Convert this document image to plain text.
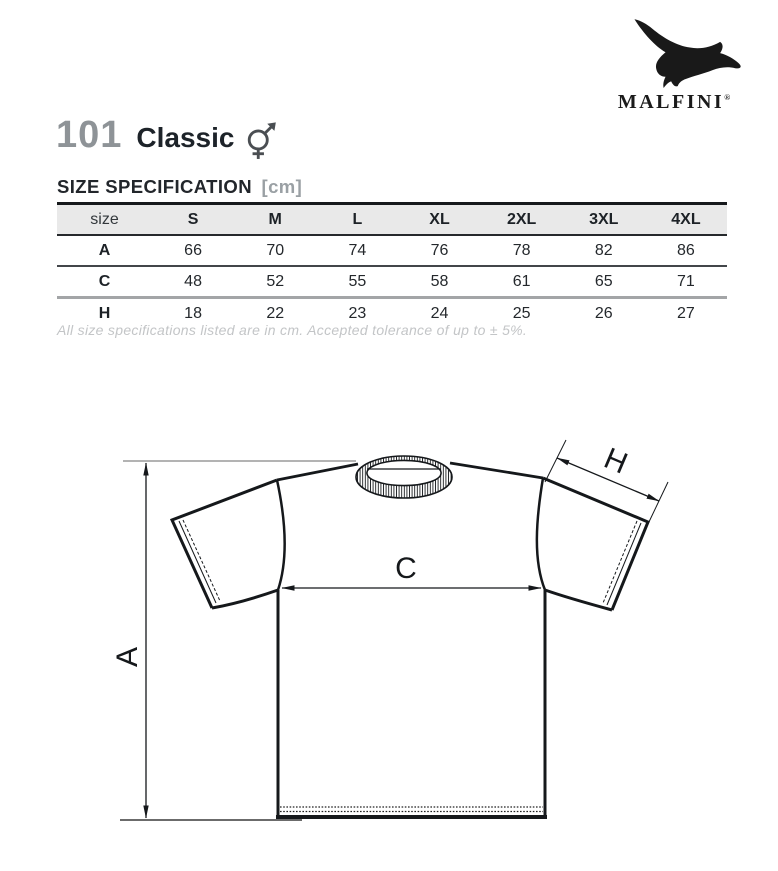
MALFINI®
101 Classic
SIZE SPECIFICATION [cm]
size	S	M	L	XL	2XL	3XL	4XL
A	66	70	74	76	78	82	86
C	48	52	55	58	61	65	71
H	18	22	23	24	25	26	27
All size specifications listed are in cm. Accepted tolerance of up to ± 5%.
A
C
H
